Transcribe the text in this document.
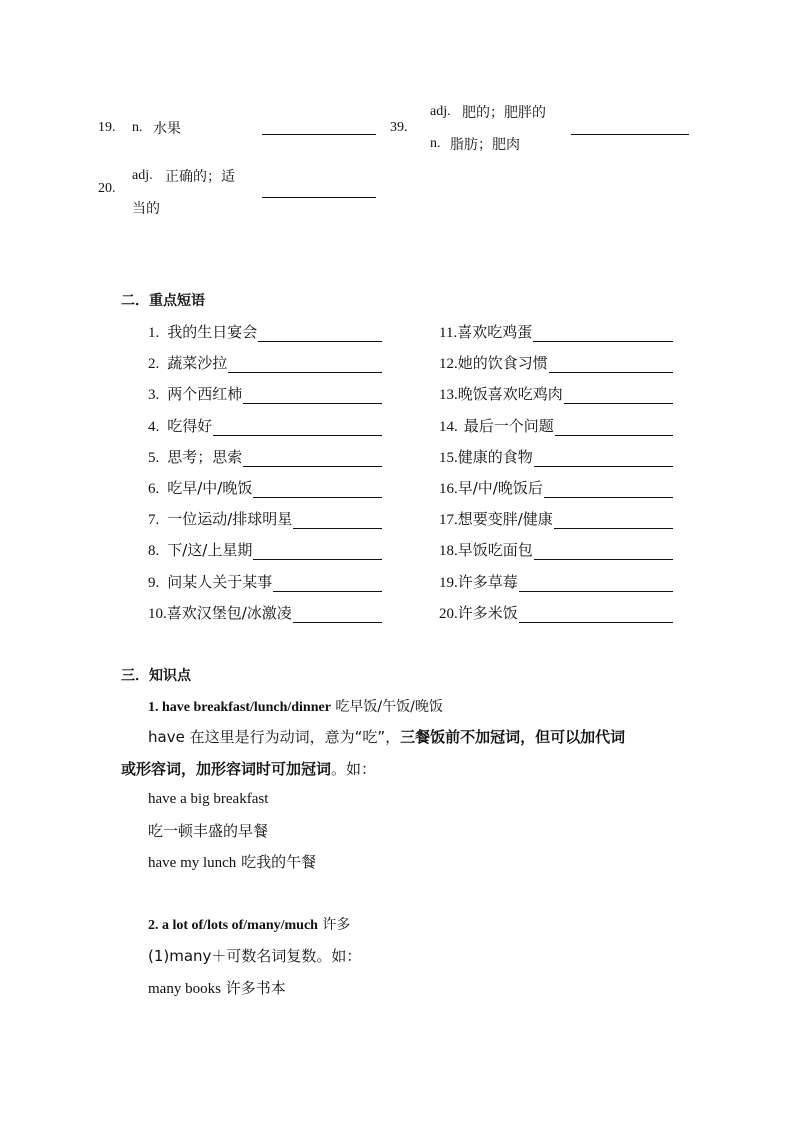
19. n. 水果	39.
adj. 肥的；肥胖的
n. 脂肪；肥肉
20.
adj. 正确的；适
当的
二．重点短语
1. 我的生日宴会
2. 蔬菜沙拉
3. 两个西红柿
4. 吃得好
5. 思考；思索
6. 吃早/中/晚饭
7. 一位运动/排球明星
8. 下/这/上星期
9. 问某人关于某事
10. 喜欢汉堡包/冰激凌
11. 喜欢吃鸡蛋
12. 她的饮食习惯
13. 晚饭喜欢吃鸡肉
14. 最后一个问题
15. 健康的食物
16. 早/中/晚饭后
17. 想要变胖/健康
18. 早饭吃面包
19. 许多草莓
20. 许多米饭
三．知识点
1. have breakfast/lunch/dinner 吃早饭/午饭/晚饭
have 在这里是行为动词，意为“吃”，三餐饭前不加冠词，但可以加代词
或形容词，加形容词时可加冠词。如：
have a big breakfast
吃一顿丰盛的早餐
have my lunch 吃我的午餐
2. a lot of/lots of/many/much 许多
(1)many＋可数名词复数。如：
many books 许多书本
